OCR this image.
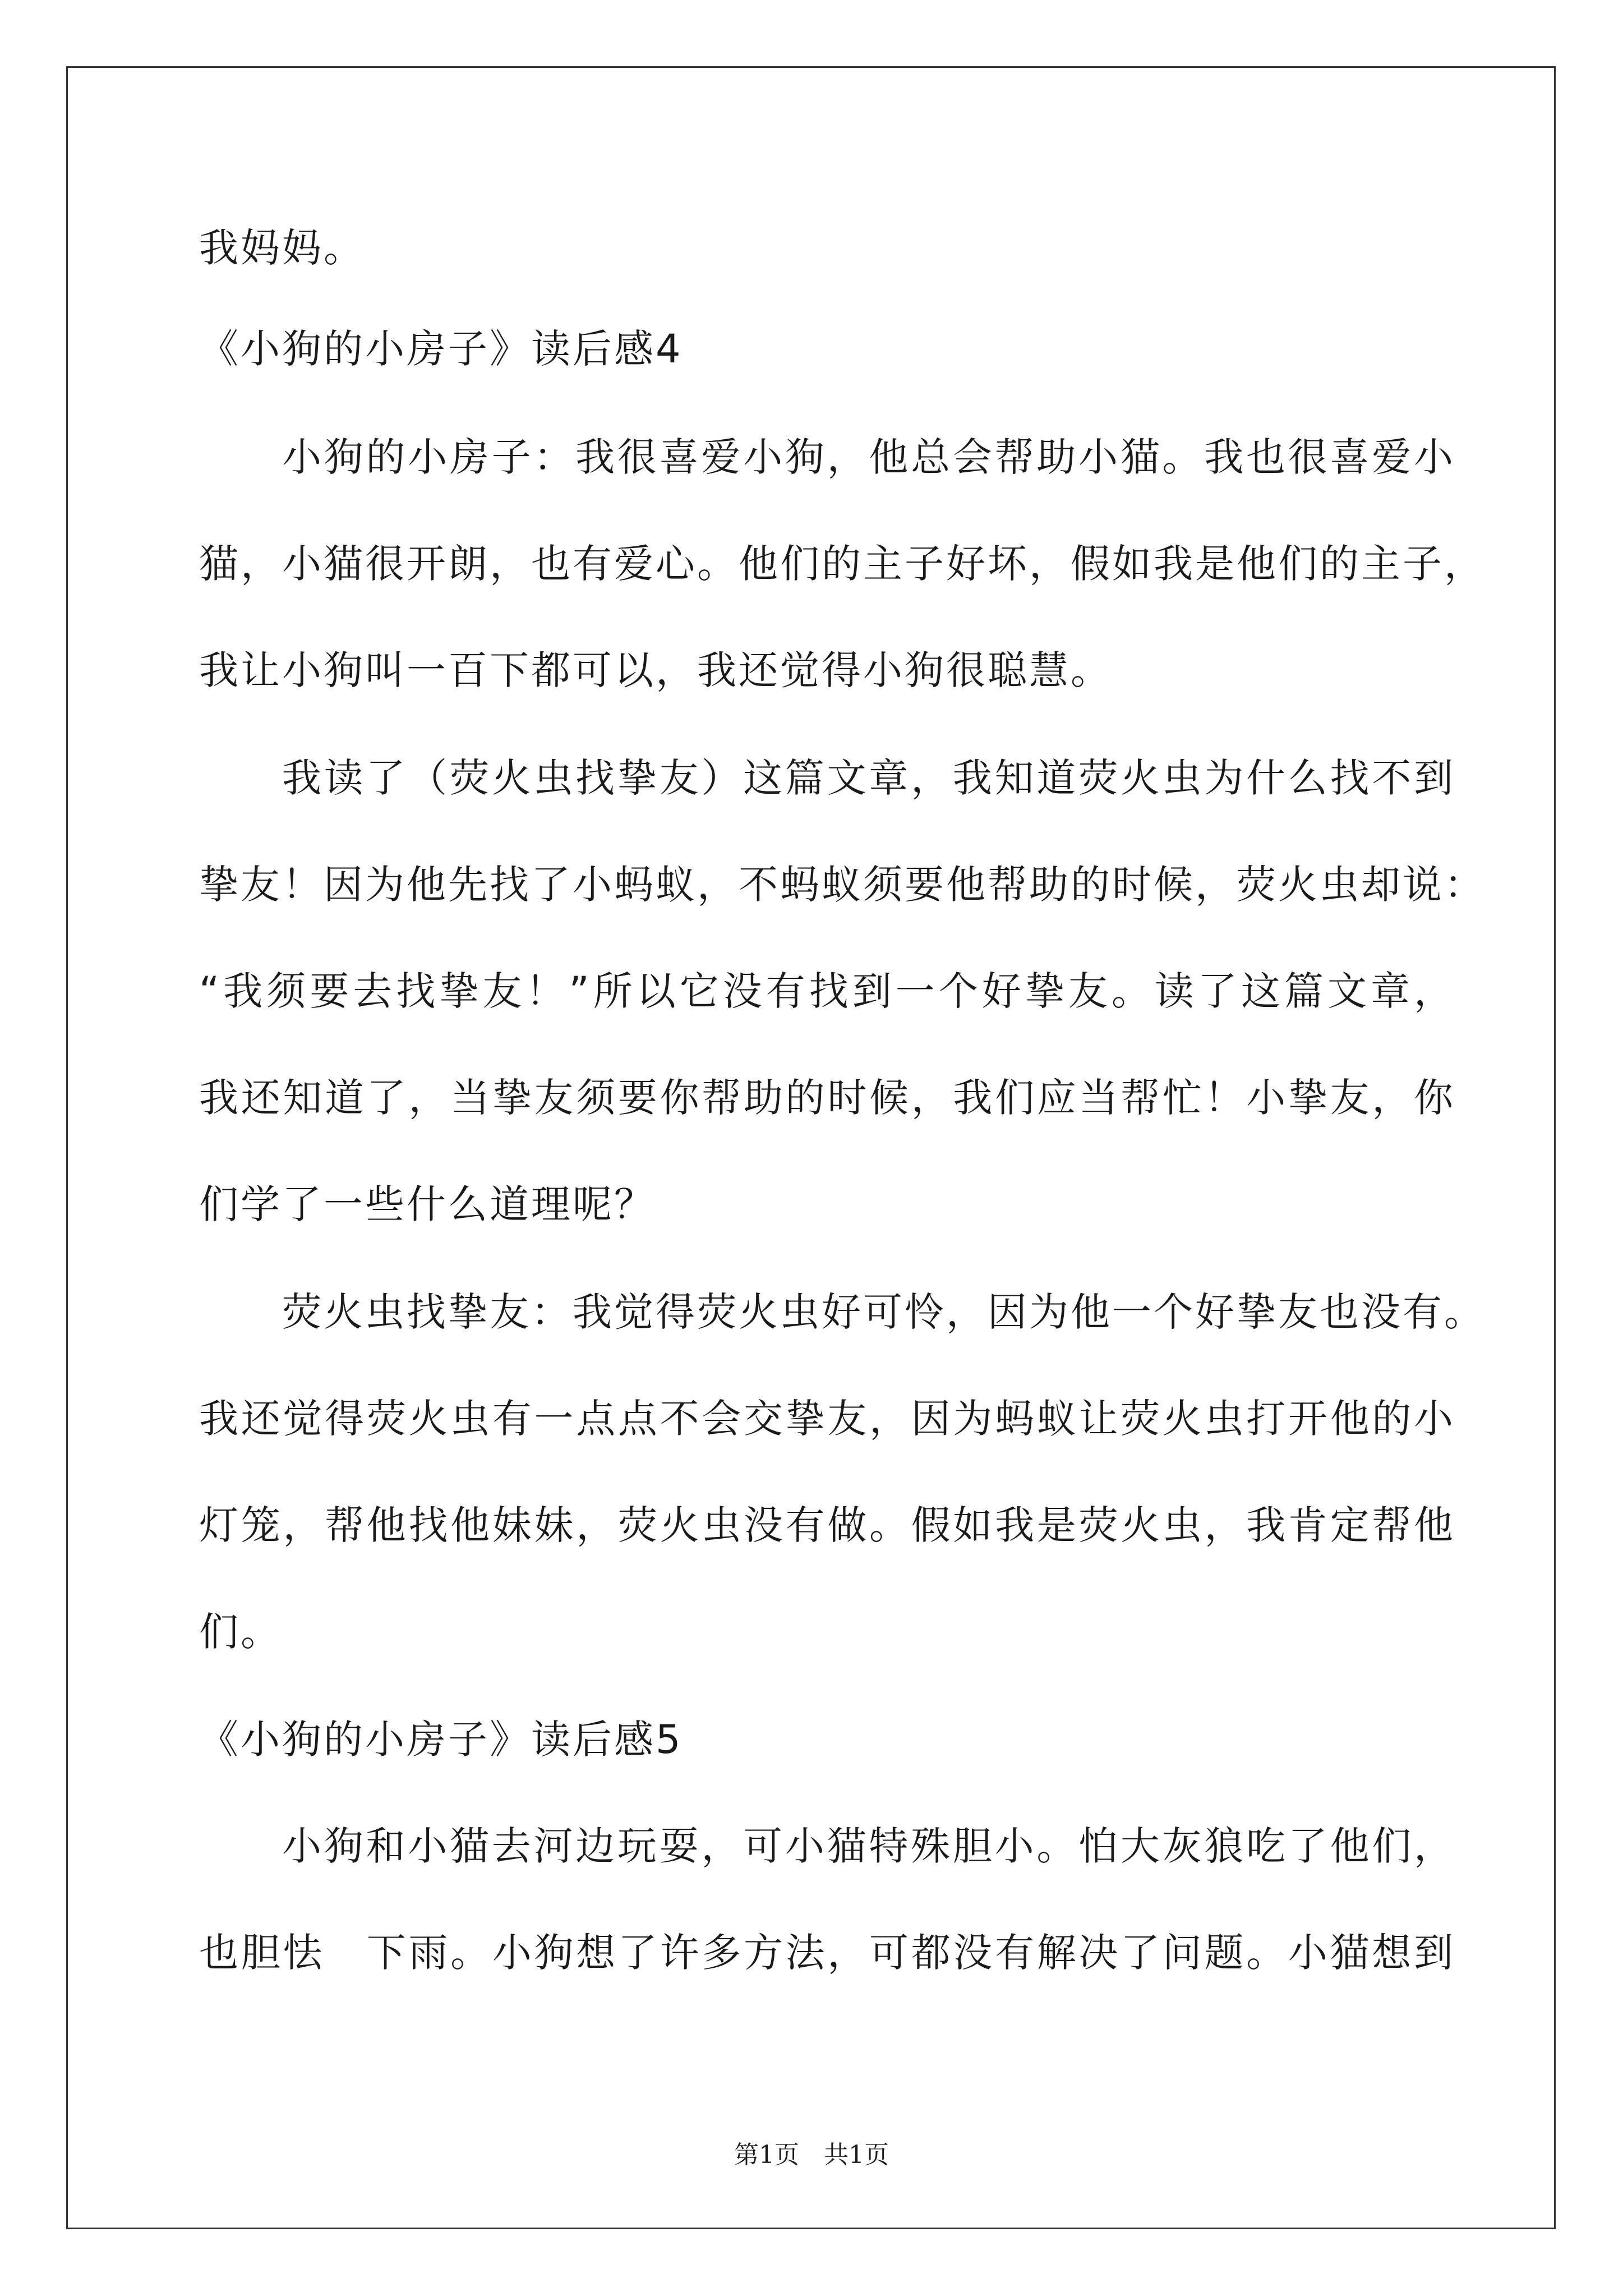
我妈妈。
《小狗的小房子》读后感4
小狗的小房子：我很喜爱小狗，他总会帮助小猫。我也很喜爱小
猫，小猫很开朗，也有爱心。他们的主子好坏，假如我是他们的主子，
我让小狗叫一百下都可以，我还觉得小狗很聪慧。
我读了（荧火虫找挚友）这篇文章，我知道荧火虫为什么找不到
挚友！因为他先找了小蚂蚁，不蚂蚁须要他帮助的时候，荧火虫却说：
“我须要去找挚友！”所以它没有找到一个好挚友。读了这篇文章，
我还知道了，当挚友须要你帮助的时候，我们应当帮忙！小挚友，你
们学了一些什么道理呢？
荧火虫找挚友：我觉得荧火虫好可怜，因为他一个好挚友也没有。
我还觉得荧火虫有一点点不会交挚友，因为蚂蚁让荧火虫打开他的小
灯笼，帮他找他妹妹，荧火虫没有做。假如我是荧火虫，我肯定帮他
们。
《小狗的小房子》读后感5
小狗和小猫去河边玩耍，可小猫特殊胆小。怕大灰狼吃了他们，
也胆怯　下雨。小狗想了许多方法，可都没有解决了问题。小猫想到
第1页　共1页
